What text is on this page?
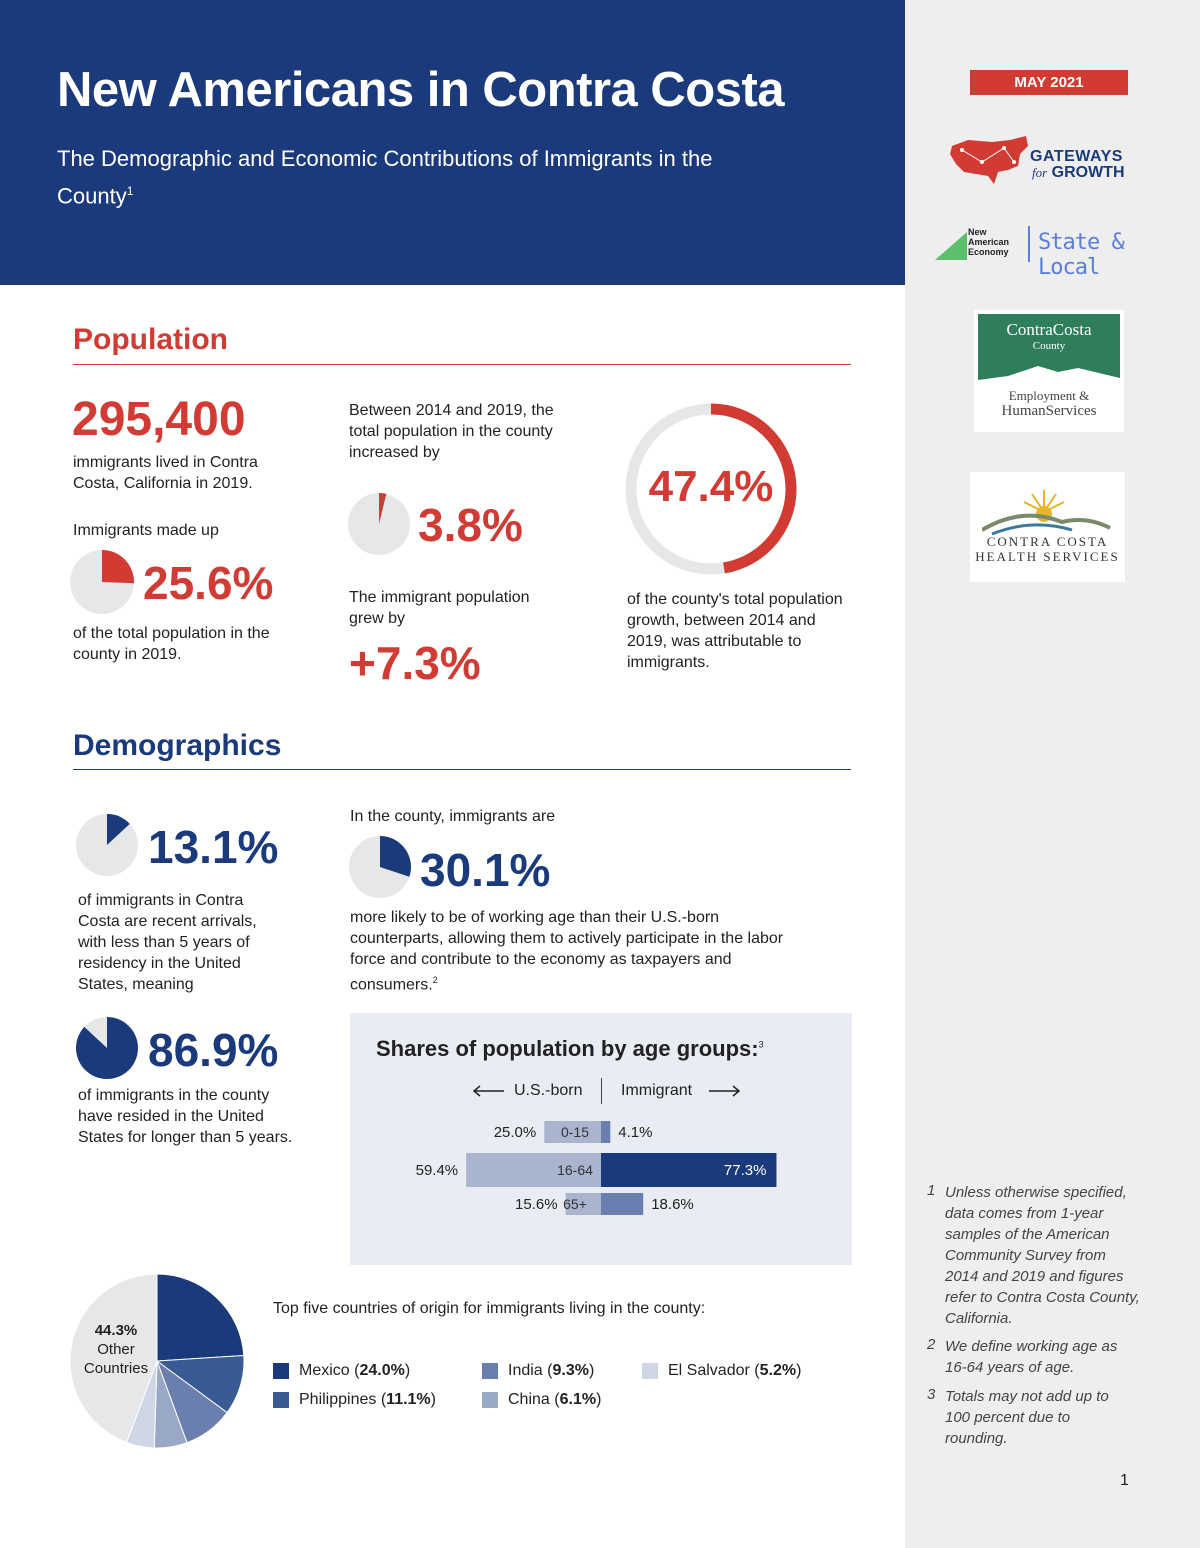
MAY 2021
GATEWAYS
for GROWTH
New
American
Economy State & Local
ContraCosta
County
Employment &
HumanServices
CONTRA COSTA
HEALTH SERVICES
1 Unless otherwise specified, data comes from 1-year samples of the American Community Survey from 2014 and 2019 and figures refer to Contra Costa County, California.
2 We define working age as 16-64 years of age.
3 Totals may not add up to 100 percent due to rounding.
1
New Americans in Contra Costa
The Demographic and Economic Contributions of Immigrants in the County$^1$
Population
295,400
immigrants lived in Contra Costa, California in 2019.
Immigrants made up
25.6%
of the total population in the county in 2019.
Between 2014 and 2019, the total population in the county increased by
3.8%
The immigrant population grew by
+7.3%
47.4%
of the county's total population growth, between 2014 and 2019, was attributable to immigrants.
Demographics
13.1%
of immigrants in Contra Costa are recent arrivals, with less than 5 years of residency in the United States, meaning
86.9%
of immigrants in the county have resided in the United States for longer than 5 years.
In the county, immigrants are
30.1%
more likely to be of working age than their U.S.-born counterparts, allowing them to actively participate in the labor force and contribute to the economy as taxpayers and consumers.$^2$
Shares of population by age groups:$^3$
U.S.-born Immigrant
0-15
25.0%	4.1%
16-64
59.4%	77.3%
65+
15.6%	18.6%
44.3%
Other
Countries
Top five countries of origin for immigrants living in the county:
Mexico (24.0%)
Philippines (11.1%)
India (9.3%)
China (6.1%)
El Salvador (5.2%)
